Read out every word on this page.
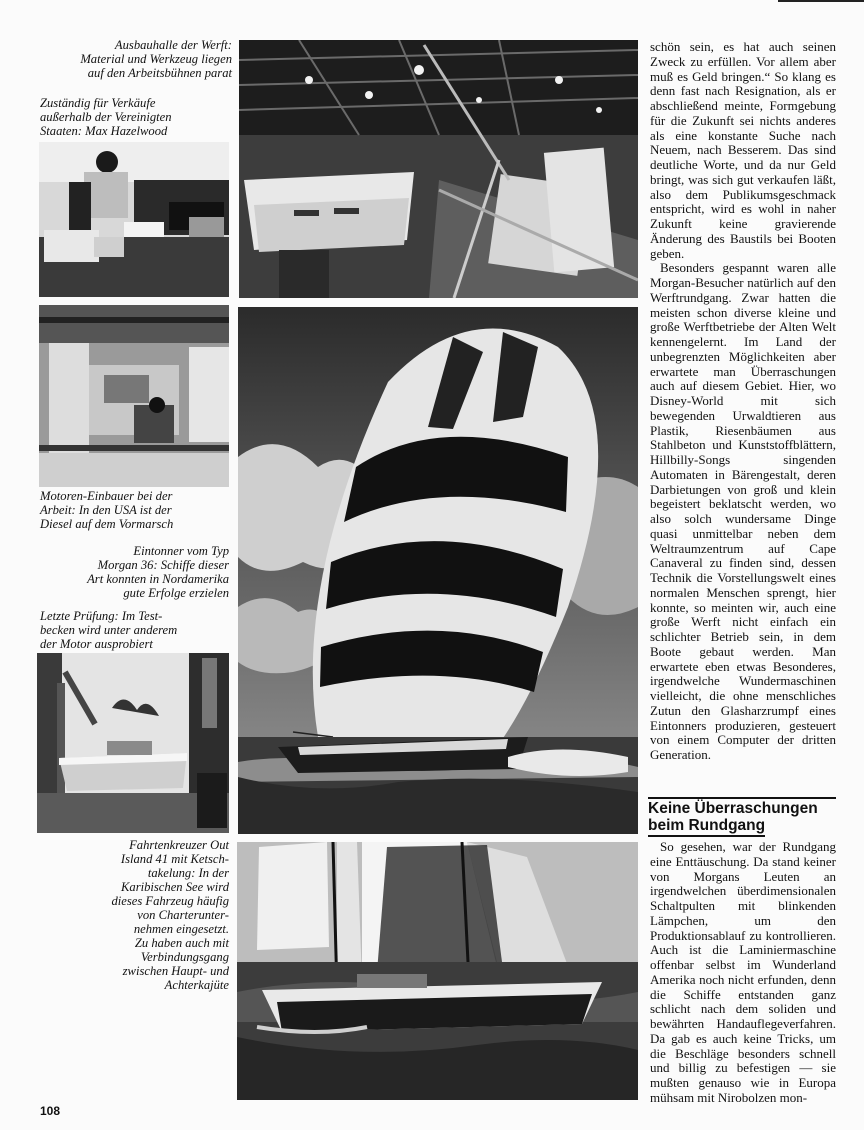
Ausbauhalle der Werft:

Material und Werkzeug liegen

auf den Arbeitsbühnen parat

Zuständig für Verkäufe

außerhalb der Vereinigten

Staaten: Max Hazelwood

Motoren-Einbauer bei der

Arbeit: In den USA ist der

Diesel auf dem Vormarsch

Eintonner vom Typ

Morgan 36: Schiffe dieser

Art konnten in Nordamerika

gute Erfolge erzielen

Letzte Prüfung: Im Test-

becken wird unter anderem

der Motor ausprobiert

Fahrtenkreuzer Out

Island 41 mit Ketsch-

takelung: In der

Karibischen See wird

dieses Fahrzeug häufig

von Charterunter-

nehmen eingesetzt.

Zu haben auch mit

Verbindungsgang

zwischen Haupt- und

Achterkajüte

schön sein, es hat auch seinen Zweck zu erfüllen. Vor allem aber muß es Geld bringen.“ So klang es denn fast nach Resignation, als er abschließend meinte, Formgebung für die Zukunft sei nichts anderes als eine konstante Suche nach Neuem, nach Besserem. Das sind deutliche Worte, und da nur Geld bringt, was sich gut verkaufen läßt, also dem Publikumsgeschmack entspricht, wird es wohl in naher Zukunft keine gravierende Änderung des Baustils bei Booten geben.

Besonders gespannt waren alle Morgan-Besucher natürlich auf den Werftrundgang. Zwar hatten die meisten schon diverse kleine und große Werftbetriebe der Alten Welt kennengelernt. Im Land der unbegrenzten Möglichkeiten aber erwartete man Überraschungen auch auf diesem Gebiet. Hier, wo Disney-World mit sich bewegenden Urwaldtieren aus Plastik, Riesenbäumen aus Stahlbeton und Kunststoffblättern, Hillbilly-Songs singenden Automaten in Bärengestalt, deren Darbietungen von groß und klein begeistert beklatscht werden, wo also solch wundersame Dinge quasi unmittelbar neben dem Weltraumzentrum auf Cape Canaveral zu finden sind, dessen Technik die Vorstellungswelt eines normalen Menschen sprengt, hier konnte, so meinten wir, auch eine große Werft nicht einfach ein schlichter Betrieb sein, in dem Boote gebaut werden. Man erwartete eben etwas Besonderes, irgendwelche Wundermaschinen vielleicht, die ohne menschliches Zutun den Glasharzrumpf eines Eintonners produzieren, gesteuert von einem Computer der dritten Generation.

Keine Überraschungen
beim Rundgang

So gesehen, war der Rundgang eine Enttäuschung. Da stand keiner von Morgans Leuten an irgendwelchen überdimensionalen Schaltpulten mit blinkenden Lämpchen, um den Produktionsablauf zu kontrollieren. Auch ist die Laminiermaschine offenbar selbst im Wunderland Amerika noch nicht erfunden, denn die Schiffe entstanden ganz schlicht nach dem soliden und bewährten Handauflegeverfahren. Da gab es auch keine Tricks, um die Beschläge besonders schnell und billig zu befestigen — sie mußten genauso wie in Europa mühsam mit Nirobolzen mon-

108
